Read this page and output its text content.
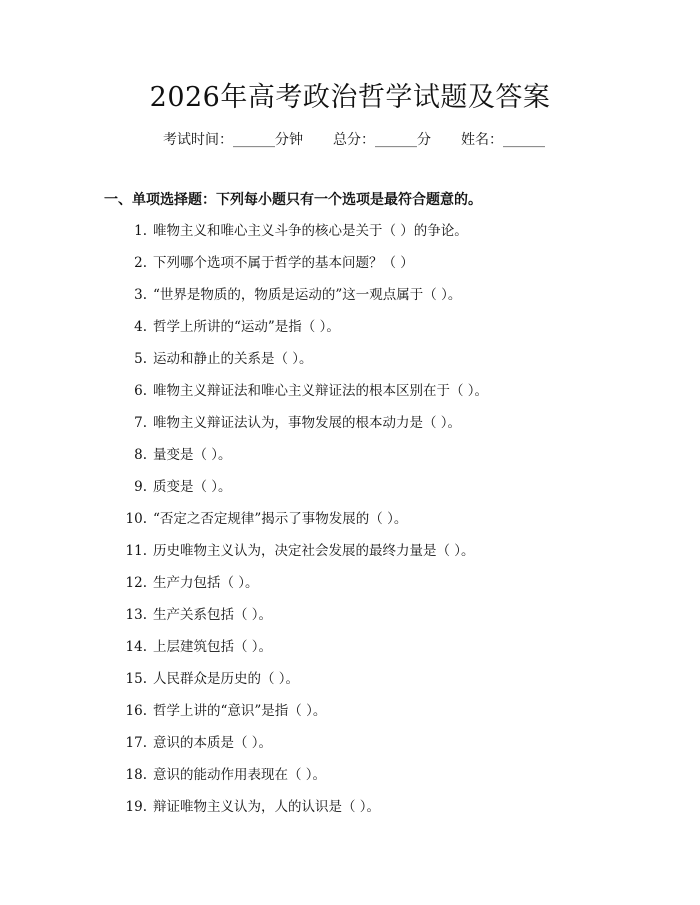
2026年高考政治哲学试题及答案
考试时间：______分钟 总分：______分 姓名：______
一、单项选择题：下列每小题只有一个选项是最符合题意的。
1. 唯物主义和唯心主义斗争的核心是关于（ ）的争论。
2. 下列哪个选项不属于哲学的基本问题？（ ）
3. “世界是物质的，物质是运动的”这一观点属于（ ）。
4. 哲学上所讲的“运动”是指（ ）。
5. 运动和静止的关系是（ ）。
6. 唯物主义辩证法和唯心主义辩证法的根本区别在于（ ）。
7. 唯物主义辩证法认为，事物发展的根本动力是（ ）。
8. 量变是（ ）。
9. 质变是（ ）。
10. “否定之否定规律”揭示了事物发展的（ ）。
11. 历史唯物主义认为，决定社会发展的最终力量是（ ）。
12. 生产力包括（ ）。
13. 生产关系包括（ ）。
14. 上层建筑包括（ ）。
15. 人民群众是历史的（ ）。
16. 哲学上讲的“意识”是指（ ）。
17. 意识的本质是（ ）。
18. 意识的能动作用表现在（ ）。
19. 辩证唯物主义认为，人的认识是（ ）。
